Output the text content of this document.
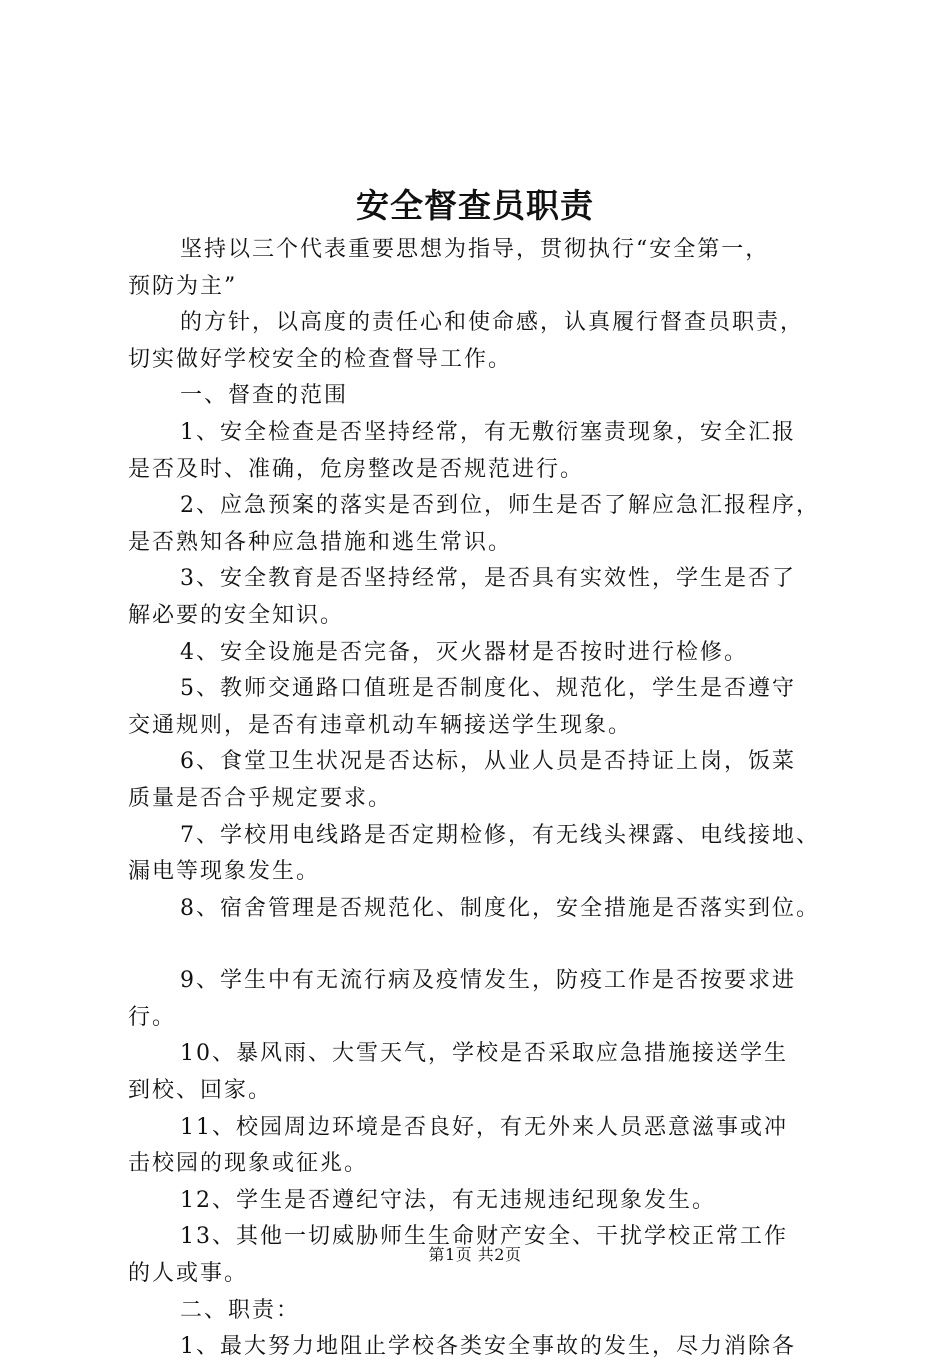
安全督查员职责

坚持以三个代表重要思想为指导，贯彻执行“安全第一，

预防为主”

的方针，以高度的责任心和使命感，认真履行督查员职责，

切实做好学校安全的检查督导工作。

一、督查的范围

1、安全检查是否坚持经常，有无敷衍塞责现象，安全汇报

是否及时、准确，危房整改是否规范进行。

2、应急预案的落实是否到位，师生是否了解应急汇报程序，

是否熟知各种应急措施和逃生常识。

3、安全教育是否坚持经常，是否具有实效性，学生是否了

解必要的安全知识。

4、安全设施是否完备，灭火器材是否按时进行检修。

5、教师交通路口值班是否制度化、规范化，学生是否遵守

交通规则，是否有违章机动车辆接送学生现象。

6、食堂卫生状况是否达标，从业人员是否持证上岗，饭菜

质量是否合乎规定要求。

7、学校用电线路是否定期检修，有无线头裸露、电线接地、

漏电等现象发生。

8、宿舍管理是否规范化、制度化，安全措施是否落实到位。

9、学生中有无流行病及疫情发生，防疫工作是否按要求进

行。

10、暴风雨、大雪天气，学校是否采取应急措施接送学生

到校、回家。

11、校园周边环境是否良好，有无外来人员恶意滋事或冲

击校园的现象或征兆。

12、学生是否遵纪守法，有无违规违纪现象发生。

13、其他一切威胁师生生命财产安全、干扰学校正常工作

的人或事。

二、职责：

1、最大努力地阻止学校各类安全事故的发生，尽力消除各

第1页 共2页
